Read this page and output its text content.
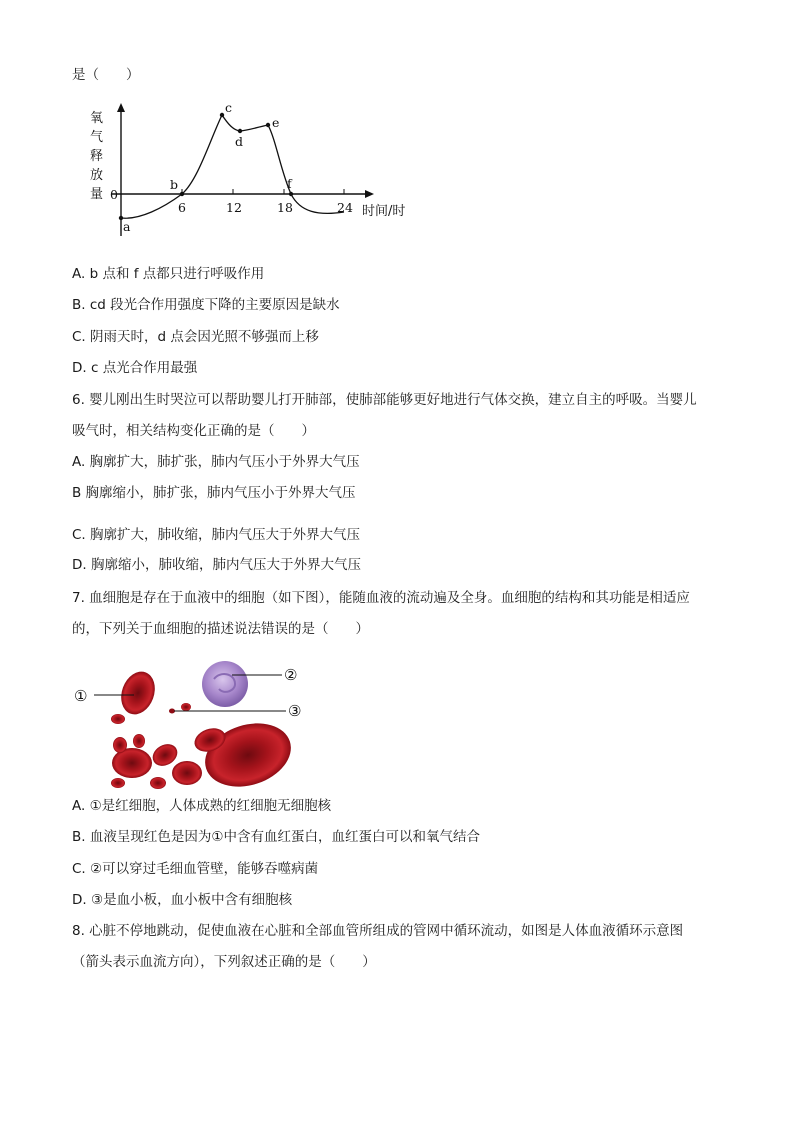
是（　　）
氧
气
释
放
量 0
6	12	18	24 时间/时
a
b
c
d
e
f
A. b 点和 f 点都只进行呼吸作用
B. cd 段光合作用强度下降的主要原因是缺水
C. 阴雨天时，d 点会因光照不够强而上移
D. c 点光合作用最强
6. 婴儿刚出生时哭泣可以帮助婴儿打开肺部，使肺部能够更好地进行气体交换，建立自主的呼吸。当婴儿
吸气时，相关结构变化正确的是（　　）
A. 胸廓扩大，肺扩张，肺内气压小于外界大气压
B 胸廓缩小，肺扩张，肺内气压小于外界大气压
C. 胸廓扩大，肺收缩，肺内气压大于外界大气压
D. 胸廓缩小，肺收缩，肺内气压大于外界大气压
7. 血细胞是存在于血液中的细胞（如下图），能随血液的流动遍及全身。血细胞的结构和其功能是相适应
的，下列关于血细胞的描述说法错误的是（　　）
①
②
③
A. ①是红细胞，人体成熟的红细胞无细胞核
B. 血液呈现红色是因为①中含有血红蛋白，血红蛋白可以和氧气结合
C. ②可以穿过毛细血管壁，能够吞噬病菌
D. ③是血小板，血小板中含有细胞核
8. 心脏不停地跳动，促使血液在心脏和全部血管所组成的管网中循环流动，如图是人体血液循环示意图
（箭头表示血流方向），下列叙述正确的是（　　）
